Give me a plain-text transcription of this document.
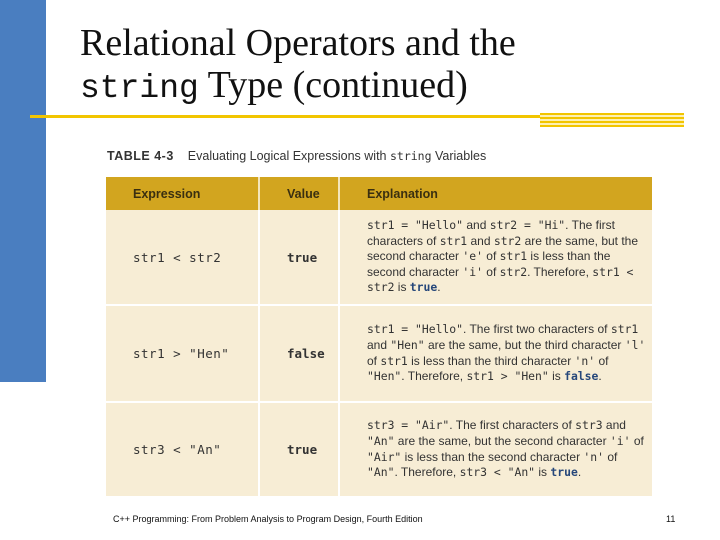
Relational Operators and the
string Type (continued)
TABLE 4-3 Evaluating Logical Expressions with string Variables
Expression	Value	Explanation
str1 < str2	true	str1 = "Hello" and str2 = "Hi". The first characters of str1 and str2 are the same, but the second character 'e' of str1 is less than the second character 'i' of str2. Therefore, str1 < str2 is true.
str1 > "Hen"	false	str1 = "Hello". The first two characters of str1 and "Hen" are the same, but the third character 'l' of str1 is less than the third character 'n' of "Hen". Therefore, str1 > "Hen" is false.
str3 < "An"	true	str3 = "Air". The first characters of str3 and "An" are the same, but the second character 'i' of "Air" is less than the second character 'n' of "An". Therefore, str3 < "An" is true.
C++ Programming: From Problem Analysis to Program Design, Fourth Edition	11
